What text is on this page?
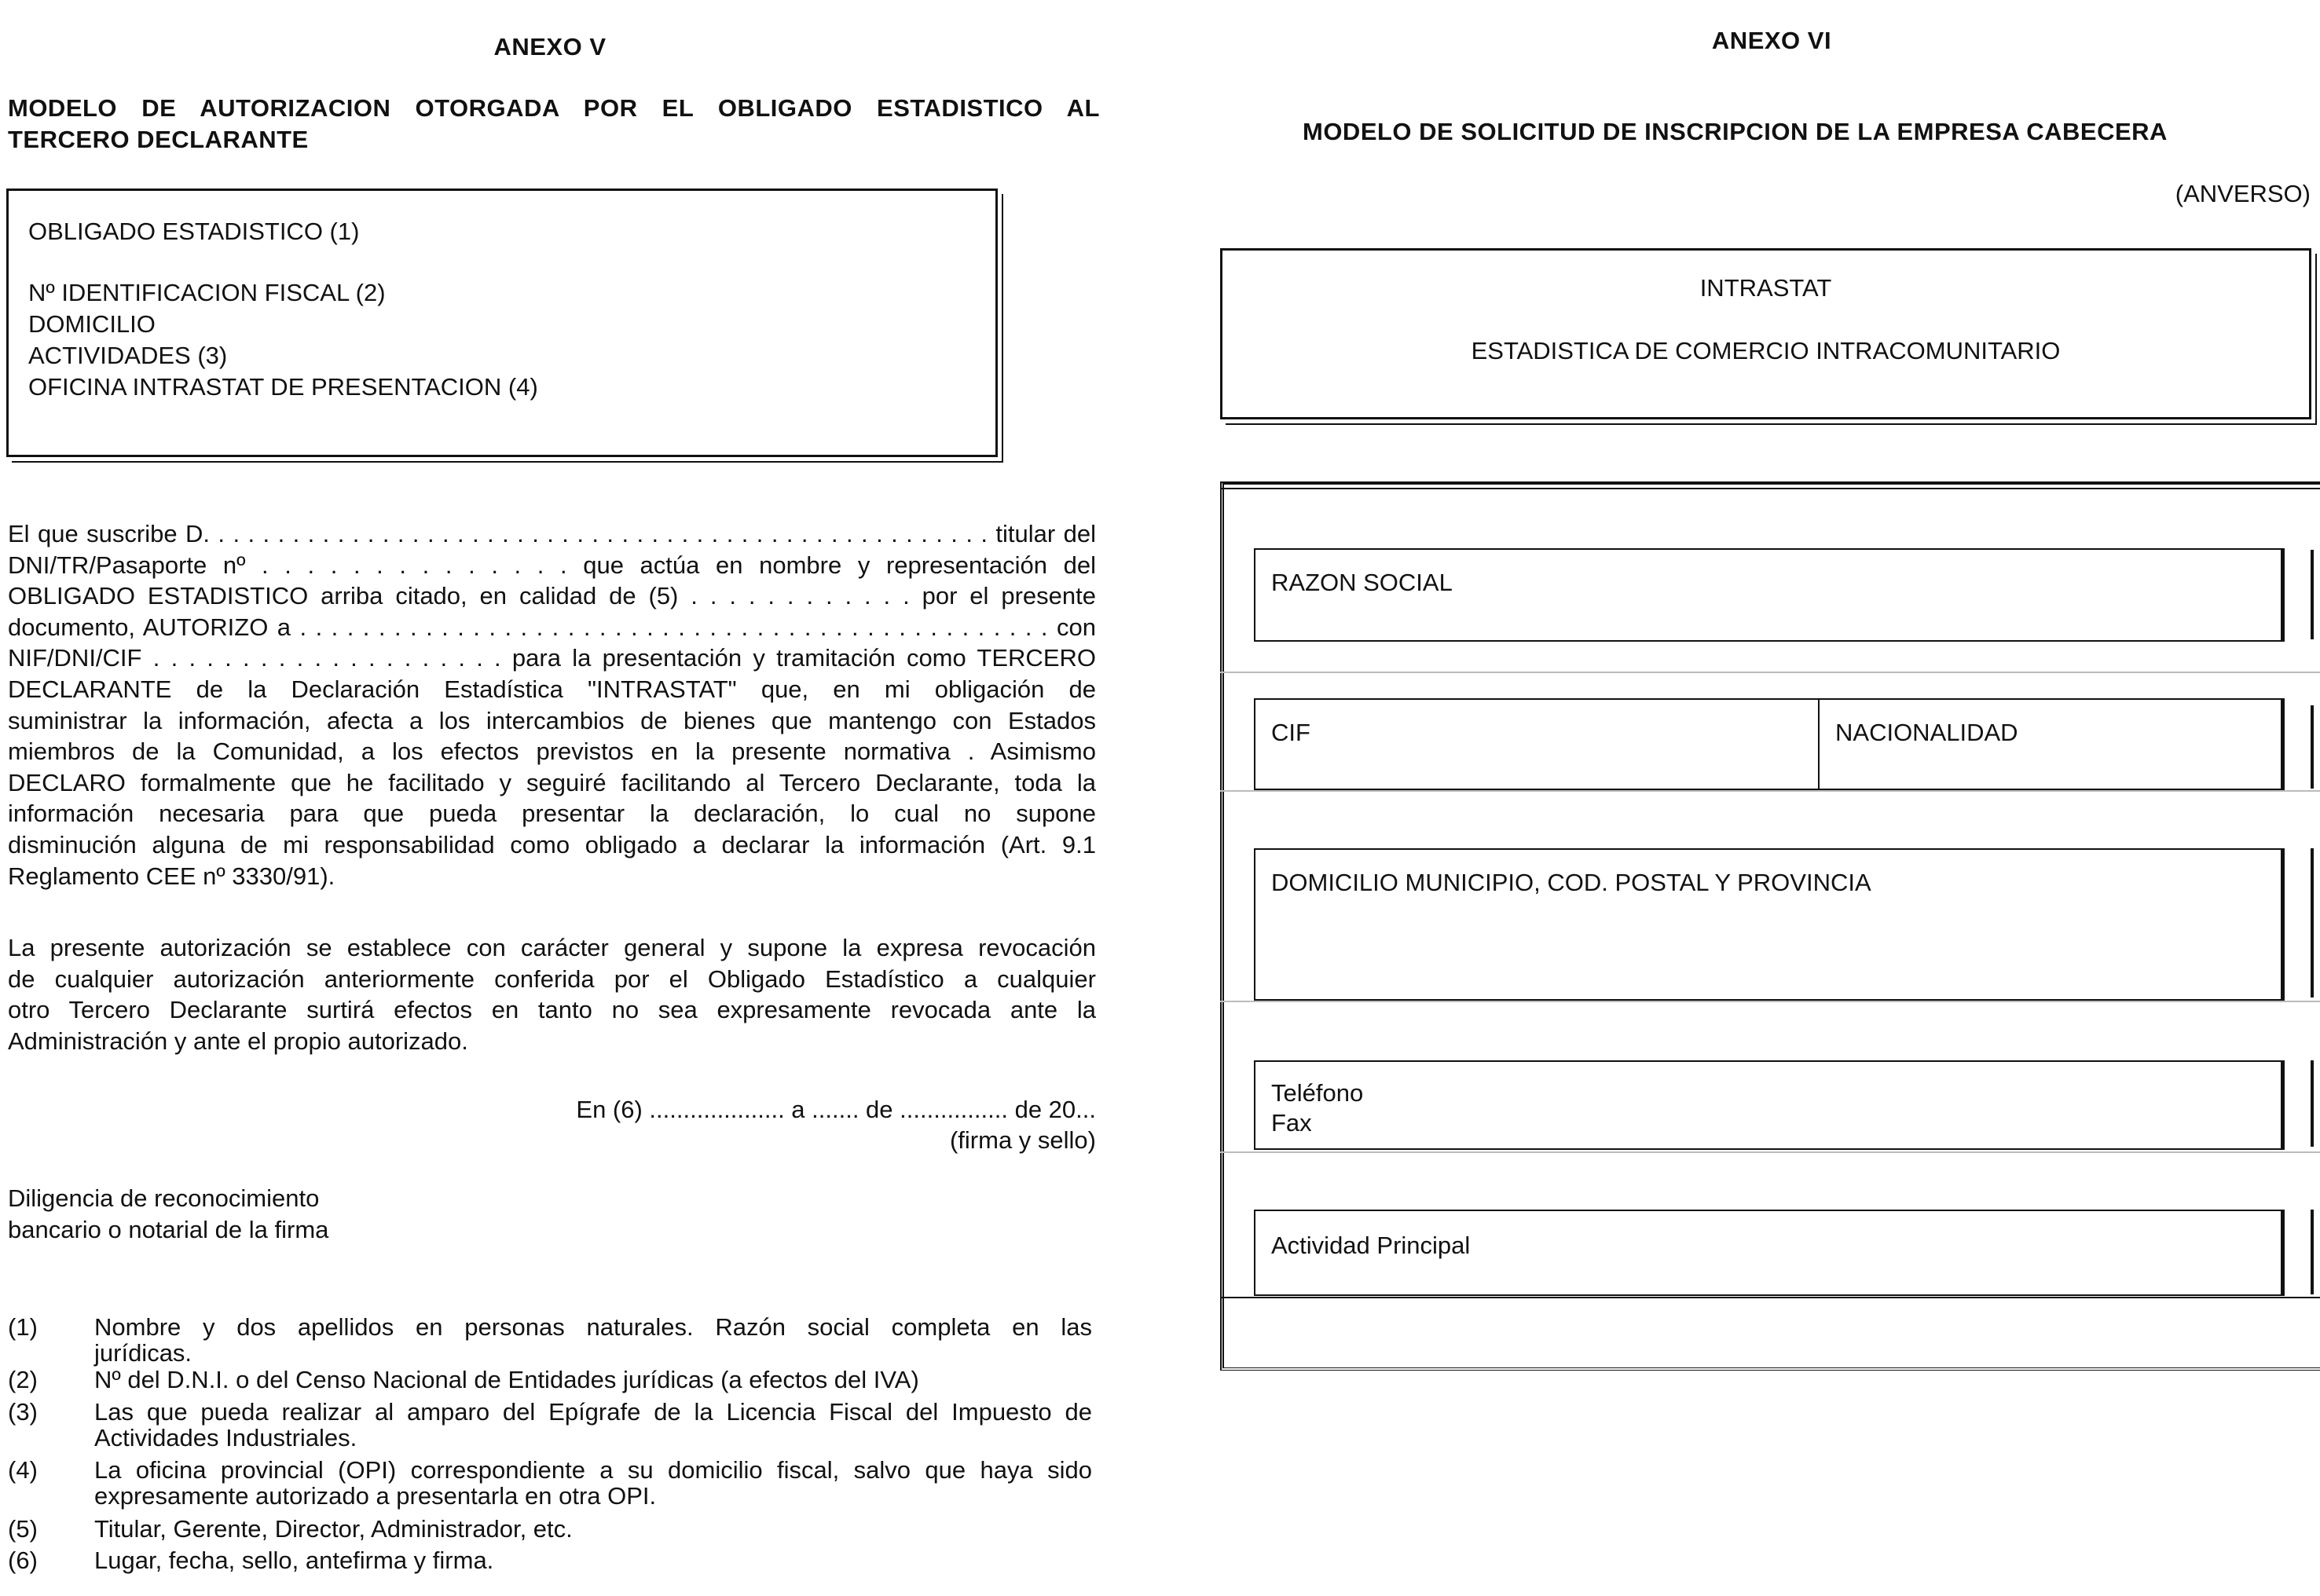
ANEXO V
MODELO DE AUTORIZACION OTORGADA POR EL OBLIGADO ESTADISTICO AL
TERCERO DECLARANTE

OBLIGADO ESTADISTICO (1)

Nº IDENTIFICACION FISCAL (2)

DOMICILIO

ACTIVIDADES (3)

OFICINA INTRASTAT DE PRESENTACION (4)

El que suscribe D. . . . . . . . . . . . . . . . . . . . . . . . . . . . . . . . . . . . . . . . . . . . . . . . . . . . . titular del

DNI/TR/Pasaporte nº . . . . . . . . . . . . . . que actúa en nombre y representación del

OBLIGADO ESTADISTICO arriba citado, en calidad de (5) . . . . . . . . . . . . por el presente

documento, AUTORIZO a . . . . . . . . . . . . . . . . . . . . . . . . . . . . . . . . . . . . . . . . . . . . . . . . con

NIF/DNI/CIF . . . . . . . . . . . . . . . . . . . . para la presentación y tramitación como TERCERO

DECLARANTE de la Declaración Estadística "INTRASTAT" que, en mi obligación de

suministrar la información, afecta a los intercambios de bienes que mantengo con Estados

miembros de la Comunidad, a los efectos previstos en la presente normativa . Asimismo

DECLARO formalmente que he facilitado y seguiré facilitando al Tercero Declarante, toda la

información necesaria para que pueda presentar la declaración, lo cual no supone

disminución alguna de mi responsabilidad como obligado a declarar la información (Art. 9.1

Reglamento CEE nº 3330/91).

La presente autorización se establece con carácter general y supone la expresa revocación

de cualquier autorización anteriormente conferida por el Obligado Estadístico a cualquier

otro Tercero Declarante surtirá efectos en tanto no sea expresamente revocada ante la

Administración y ante el propio autorizado.

En (6) .................... a ....... de ................ de 20...
(firma y sello)
Diligencia de reconocimiento
bancario o notarial de la firma
(1) Nombre y dos apellidos en personas naturales. Razón social completa en las
jurídicas.
(2) Nº del D.N.I. o del Censo Nacional de Entidades jurídicas (a efectos del IVA)
(3) Las que pueda realizar al amparo del Epígrafe de la Licencia Fiscal del Impuesto de
Actividades Industriales.
(4) La oficina provincial (OPI) correspondiente a su domicilio fiscal, salvo que haya sido
expresamente autorizado a presentarla en otra OPI.
(5) Titular, Gerente, Director, Administrador, etc.
(6) Lugar, fecha, sello, antefirma y firma.
ANEXO VI
MODELO DE SOLICITUD DE INSCRIPCION DE LA EMPRESA CABECERA
(ANVERSO)
INTRASTAT
ESTADISTICA DE COMERCIO INTRACOMUNITARIO
RAZON SOCIAL
CIF	NACIONALIDAD
DOMICILIO MUNICIPIO, COD. POSTAL Y PROVINCIA
Teléfono
Fax
Actividad Principal
